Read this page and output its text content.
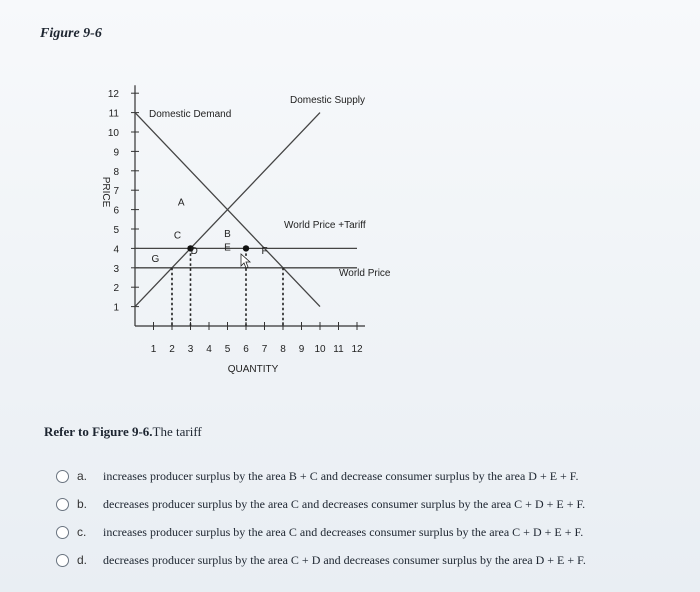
Figure 9-6
1 2 3 4 5 6 7 8 9 10 11 12
1
2
3
4
5
6
7
8
9
10
11
12
QUANTITY
PRICE
Domestic Demand
Domestic Supply
World Price +Tariff
World Price
A
B
C
D	E	F
G
Refer to Figure 9-6.The tariff
a.	increases producer surplus by the area B + C and decrease consumer surplus by the area D + E + F.
b.	decreases producer surplus by the area C and decreases consumer surplus by the area C + D + E + F.
c.	increases producer surplus by the area C and decreases consumer surplus by the area C + D + E + F.
d.	decreases producer surplus by the area C + D and decreases consumer surplus by the area D + E + F.
